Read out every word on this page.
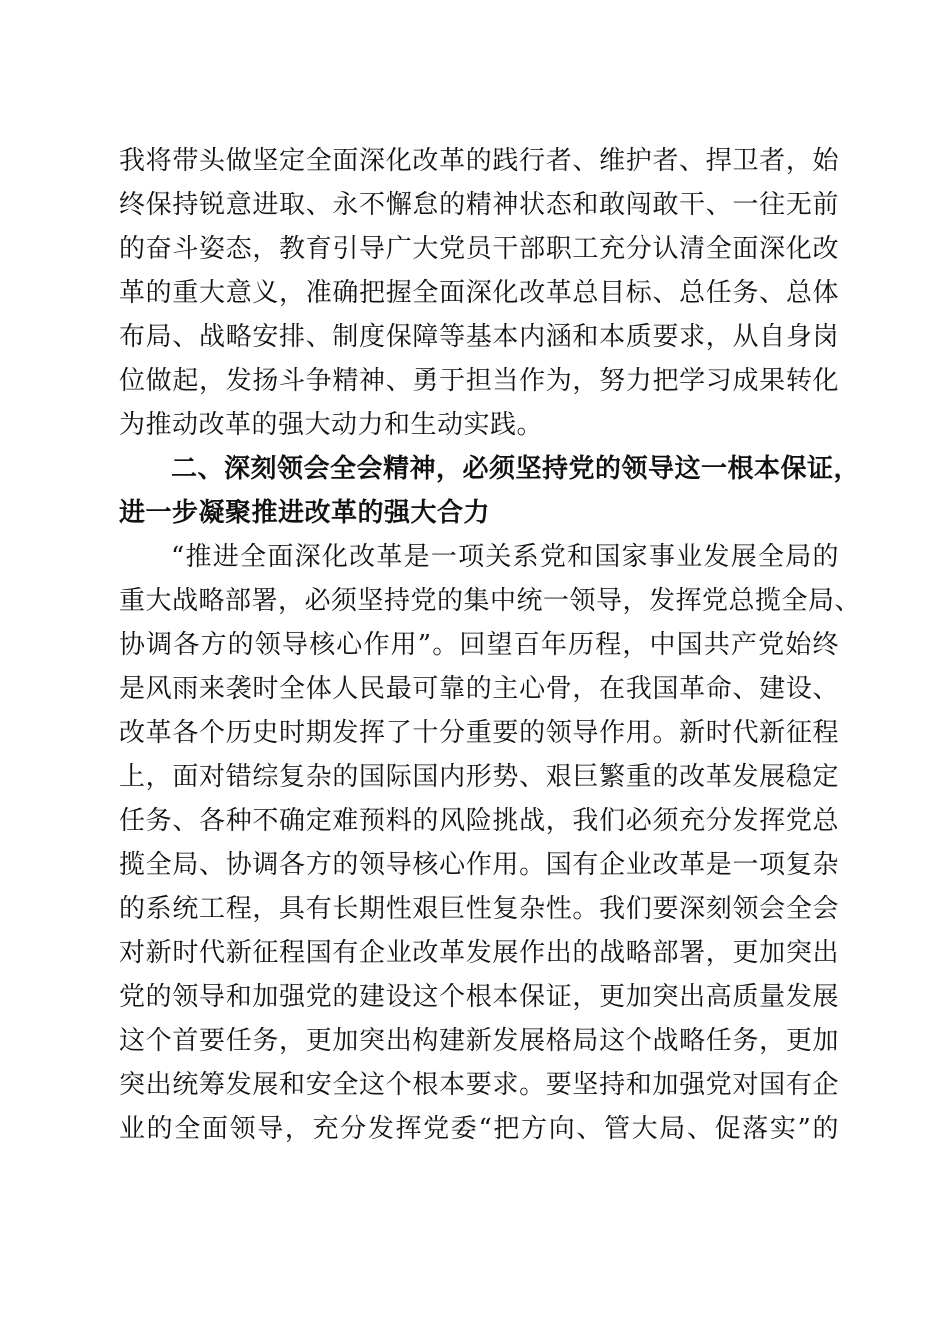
我将带头做坚定全面深化改革的践行者、维护者、捍卫者，始
终保持锐意进取、永不懈怠的精神状态和敢闯敢干、一往无前
的奋斗姿态，教育引导广大党员干部职工充分认清全面深化改
革的重大意义，准确把握全面深化改革总目标、总任务、总体
布局、战略安排、制度保障等基本内涵和本质要求，从自身岗
位做起，发扬斗争精神、勇于担当作为，努力把学习成果转化
为推动改革的强大动力和生动实践。
二、深刻领会全会精神，必须坚持党的领导这一根本保证，
进一步凝聚推进改革的强大合力
“推进全面深化改革是一项关系党和国家事业发展全局的
重大战略部署，必须坚持党的集中统一领导，发挥党总揽全局、
协调各方的领导核心作用”。回望百年历程，中国共产党始终
是风雨来袭时全体人民最可靠的主心骨，在我国革命、建设、
改革各个历史时期发挥了十分重要的领导作用。新时代新征程
上，面对错综复杂的国际国内形势、艰巨繁重的改革发展稳定
任务、各种不确定难预料的风险挑战，我们必须充分发挥党总
揽全局、协调各方的领导核心作用。国有企业改革是一项复杂
的系统工程，具有长期性艰巨性复杂性。我们要深刻领会全会
对新时代新征程国有企业改革发展作出的战略部署，更加突出
党的领导和加强党的建设这个根本保证，更加突出高质量发展
这个首要任务，更加突出构建新发展格局这个战略任务，更加
突出统筹发展和安全这个根本要求。要坚持和加强党对国有企
业的全面领导，充分发挥党委“把方向、管大局、促落实”的
